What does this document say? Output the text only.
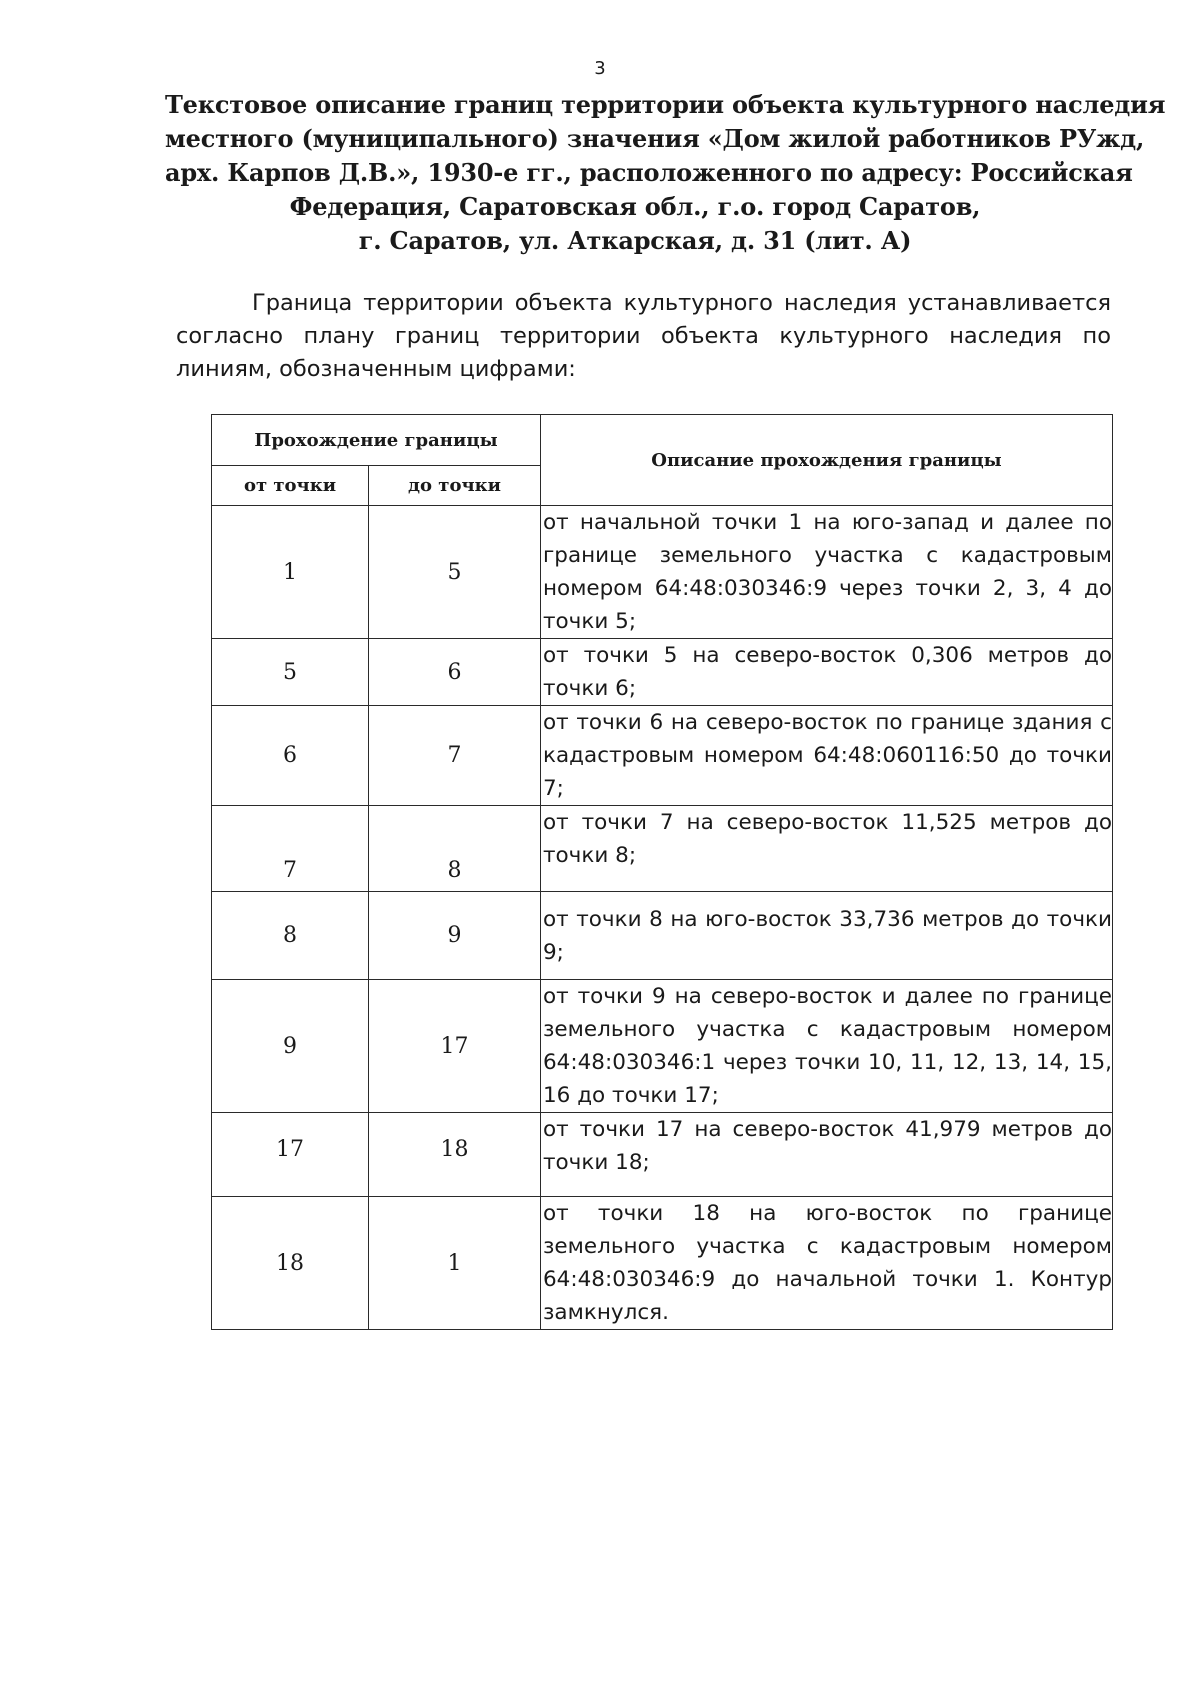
3
Текстовое описание границ территории объекта культурного наследия
местного (муниципального) значения «Дом жилой работников РУжд,
арх. Карпов Д.В.», 1930-е гг., расположенного по адресу: Российская
Федерация, Саратовская обл., г.о. город Саратов,
г. Саратов, ул. Аткарская, д. 31 (лит. А)
Граница территории объекта культурного наследия устанавливается согласно плану границ территории объекта культурного наследия по линиям, обозначенным цифрами:
Прохождение границы		Описание прохождения границы
от точки	до точки	
1	5	от начальной точки 1 на юго-запад и далее по границе земельного участка с кадастровым номером 64:48:030346:9 через точки 2, 3, 4 до точки 5;
5	6	от точки 5 на северо-восток 0,306 метров до точки 6;
6	7	от точки 6 на северо-восток по границе здания с кадастровым номером 64:48:060116:50 до точки 7;
7	8	от точки 7 на северо-восток 11,525 метров до точки 8;
8	9	от точки 8 на юго-восток 33,736 метров до точки 9;
9	17	от точки 9 на северо-восток и далее по границе земельного участка с кадастровым номером 64:48:030346:1 через точки 10, 11, 12, 13, 14, 15, 16 до точки 17;
17	18	от точки 17 на северо-восток 41,979 метров до точки 18;
18	1	от точки 18 на юго-восток по границе земельного участка с кадастровым номером 64:48:030346:9 до начальной точки 1. Контур замкнулся.
